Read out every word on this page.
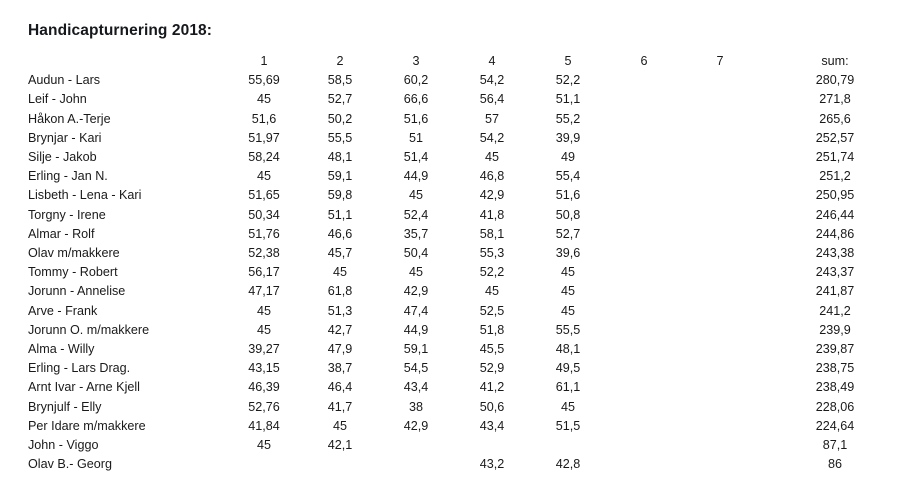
Handicapturnering 2018:
	1	2	3	4	5	6	7		sum:
Audun - Lars	55,69	58,5	60,2	54,2	52,2				280,79
Leif - John	45	52,7	66,6	56,4	51,1				271,8
Håkon A.-Terje	51,6	50,2	51,6	57	55,2				265,6
Brynjar - Kari	51,97	55,5	51	54,2	39,9				252,57
Silje - Jakob	58,24	48,1	51,4	45	49				251,74
Erling - Jan N.	45	59,1	44,9	46,8	55,4				251,2
Lisbeth - Lena - Kari	51,65	59,8	45	42,9	51,6				250,95
Torgny - Irene	50,34	51,1	52,4	41,8	50,8				246,44
Almar - Rolf	51,76	46,6	35,7	58,1	52,7				244,86
Olav m/makkere	52,38	45,7	50,4	55,3	39,6				243,38
Tommy - Robert	56,17	45	45	52,2	45				243,37
Jorunn - Annelise	47,17	61,8	42,9	45	45				241,87
Arve - Frank	45	51,3	47,4	52,5	45				241,2
Jorunn O. m/makkere	45	42,7	44,9	51,8	55,5				239,9
Alma - Willy	39,27	47,9	59,1	45,5	48,1				239,87
Erling - Lars Drag.	43,15	38,7	54,5	52,9	49,5				238,75
Arnt Ivar - Arne Kjell	46,39	46,4	43,4	41,2	61,1				238,49
Brynjulf - Elly	52,76	41,7	38	50,6	45				228,06
Per Idare m/makkere	41,84	45	42,9	43,4	51,5				224,64
John - Viggo	45	42,1							87,1
Olav B.- Georg				43,2	42,8				86
